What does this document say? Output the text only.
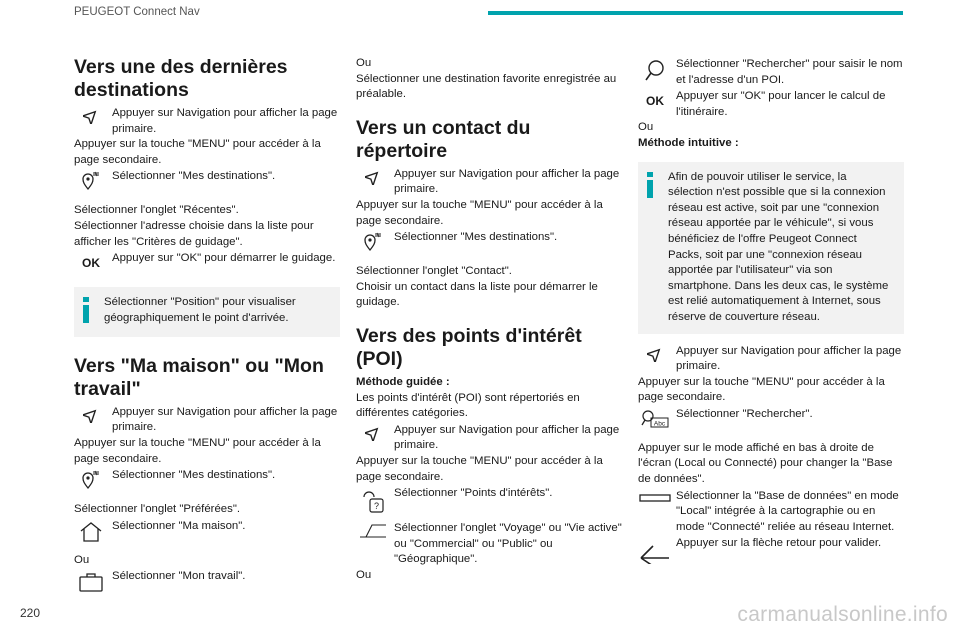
PEUGEOT Connect Nav
Vers une des dernières destinations
Appuyer sur Navigation pour afficher la page primaire.

Appuyer sur la touche "MENU" pour accéder à la page secondaire.

Sélectionner "Mes destinations".

Sélectionner l'onglet "Récentes".

Sélectionner l'adresse choisie dans la liste pour afficher les "Critères de guidage".

OK	Appuyer sur "OK" pour démarrer le guidage.
Sélectionner "Position" pour visualiser géographiquement le point d'arrivée.
Vers "Ma maison" ou "Mon travail"
Appuyer sur Navigation pour afficher la page primaire.

Appuyer sur la touche "MENU" pour accéder à la page secondaire.

Sélectionner "Mes destinations".

Sélectionner l'onglet "Préférées".

Sélectionner "Ma maison".

Ou

Sélectionner "Mon travail".

Ou

Sélectionner une destination favorite enregistrée au préalable.

Vers un contact du répertoire
Appuyer sur Navigation pour afficher la page primaire.

Appuyer sur la touche "MENU" pour accéder à la page secondaire.

Sélectionner "Mes destinations".

Sélectionner l'onglet "Contact".

Choisir un contact dans la liste pour démarrer le guidage.

Vers des points d'intérêt (POI)

Méthode guidée :

Les points d'intérêt (POI) sont répertoriés en différentes catégories.

Appuyer sur Navigation pour afficher la page primaire.

Appuyer sur la touche "MENU" pour accéder à la page secondaire.

?
Sélectionner "Points d'intérêts".
Sélectionner l'onglet "Voyage" ou "Vie active" ou "Commercial" ou "Public" ou "Géographique".

Ou

Sélectionner "Rechercher" pour saisir le nom et l'adresse d'un POI.
OK	Appuyer sur "OK" pour lancer le calcul de l'itinéraire.

Ou

Méthode intuitive :

Afin de pouvoir utiliser le service, la sélection n'est possible que si la connexion réseau est active, soit par une "connexion réseau apportée par le véhicule", si vous bénéficiez de l'offre Peugeot Connect Packs, soit par une "connexion réseau apportée par l'utilisateur" via son smartphone. Dans les deux cas, le système est relié automatiquement à Internet, sous réserve de couverture réseau.
Appuyer sur Navigation pour afficher la page primaire.

Appuyer sur la touche "MENU" pour accéder à la page secondaire.

Abc
Sélectionner "Rechercher".

Appuyer sur le mode affiché en bas à droite de l'écran (Local ou Connecté) pour changer la "Base de données".

Sélectionner la "Base de données" en mode "Local" intégrée à la cartographie ou en mode "Connecté" reliée au réseau Internet.
Appuyer sur la flèche retour pour valider.
220	carmanualsonline.info
